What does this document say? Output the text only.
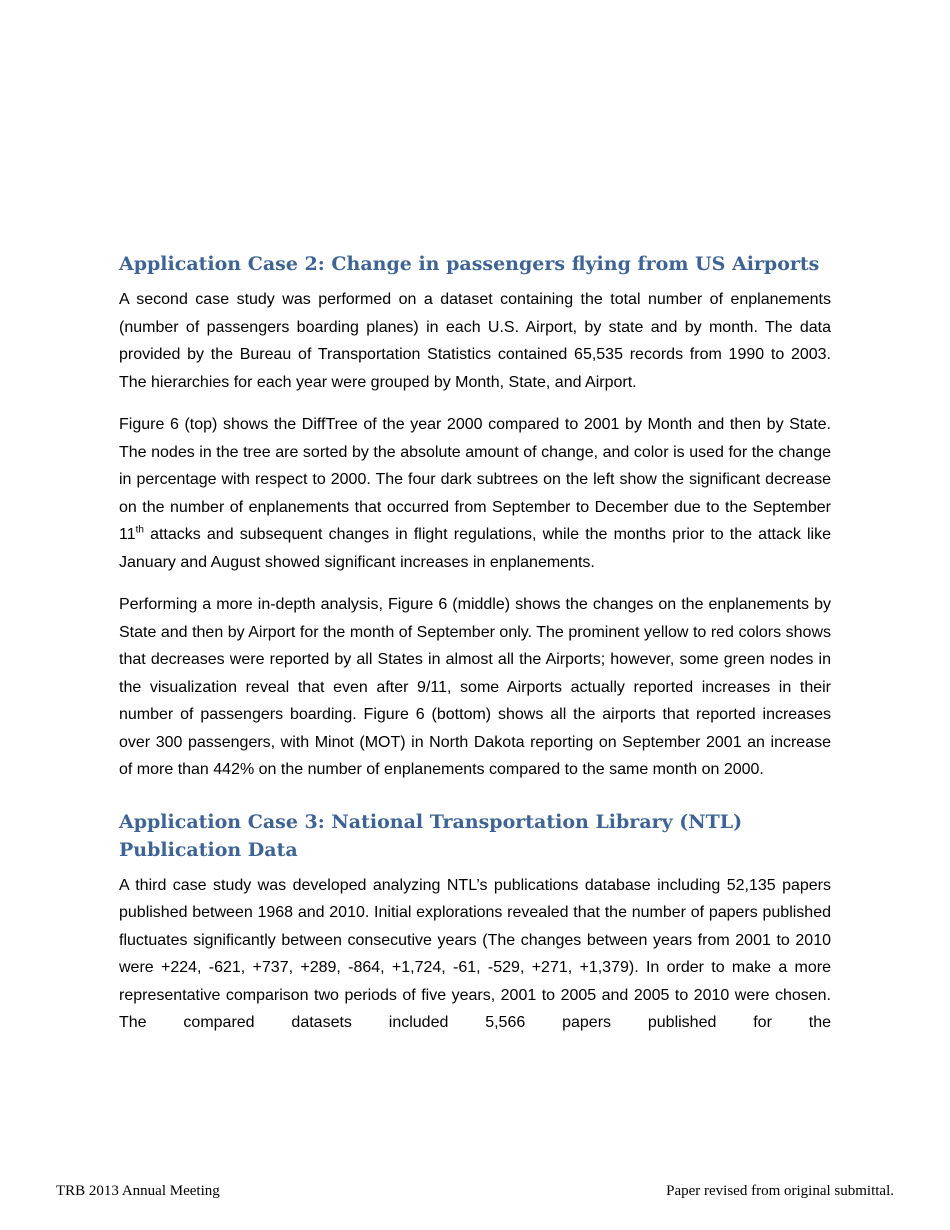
Application Case 2: Change in passengers flying from US Airports

A second case study was performed on a dataset containing the total number of enplanements (number of passengers boarding planes) in each U.S. Airport, by state and by month. The data provided by the Bureau of Transportation Statistics contained 65,535 records from 1990 to 2003. The hierarchies for each year were grouped by Month, State, and Airport.

Figure 6 (top) shows the DiffTree of the year 2000 compared to 2001 by Month and then by State. The nodes in the tree are sorted by the absolute amount of change, and color is used for the change in percentage with respect to 2000. The four dark subtrees on the left show the significant decrease on the number of enplanements that occurred from September to December due to the September 11th attacks and subsequent changes in flight regulations, while the months prior to the attack like January and August showed significant increases in enplanements.

Performing a more in-depth analysis, Figure 6 (middle) shows the changes on the enplanements by State and then by Airport for the month of September only. The prominent yellow to red colors shows that decreases were reported by all States in almost all the Airports; however, some green nodes in the visualization reveal that even after 9/11, some Airports actually reported increases in their number of passengers boarding. Figure 6 (bottom) shows all the airports that reported increases over 300 passengers, with Minot (MOT) in North Dakota reporting on September 2001 an increase of more than 442% on the number of enplanements compared to the same month on 2000.

Application Case 3: National Transportation Library (NTL) Publication Data

A third case study was developed analyzing NTL’s publications database including 52,135 papers published between 1968 and 2010. Initial explorations revealed that the number of papers published fluctuates significantly between consecutive years (The changes between years from 2001 to 2010 were +224, -621, +737, +289, -864, +1,724, -61, -529, +271, +1,379). In order to make a more representative comparison two periods of five years, 2001 to 2005 and 2005 to 2010 were chosen. The compared datasets included 5,566 papers published for the

TRB 2013 Annual Meeting	Paper revised from original submittal.
